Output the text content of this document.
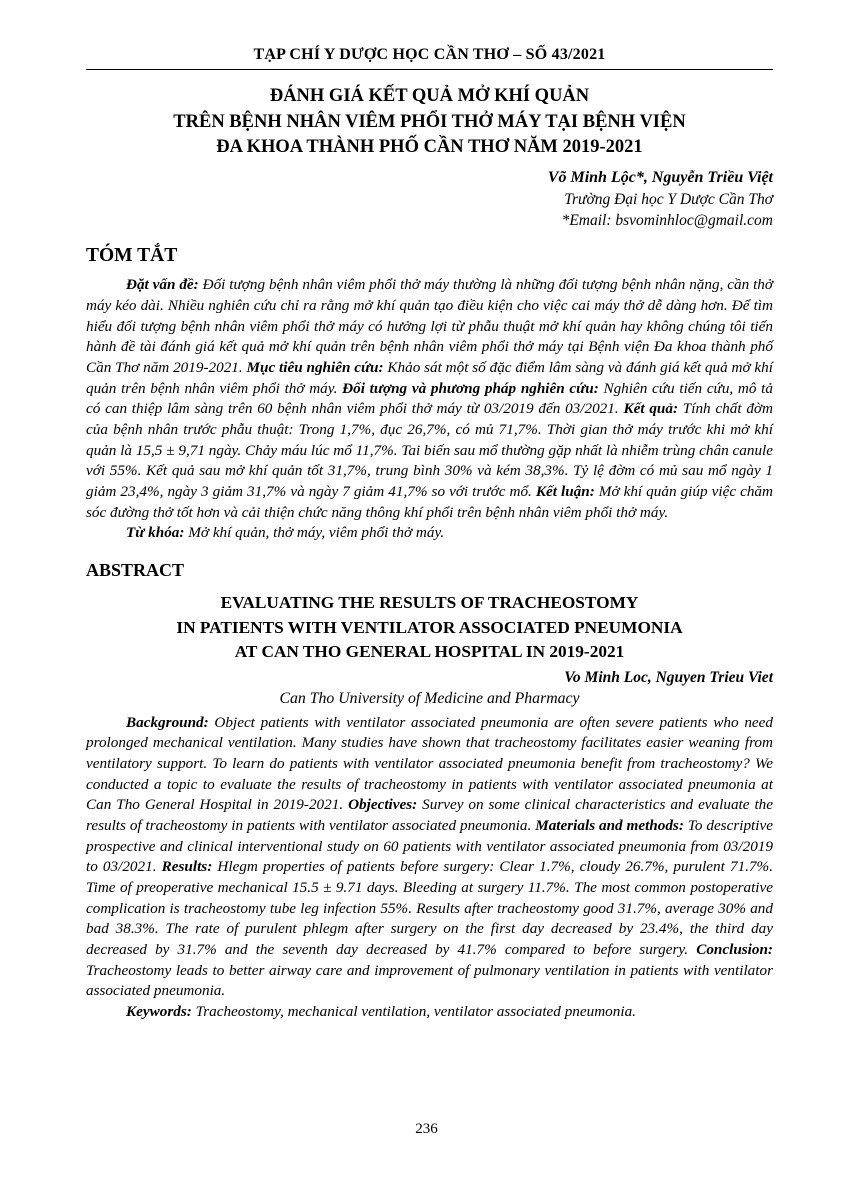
TẠP CHÍ Y DƯỢC HỌC CẦN THƠ – SỐ 43/2021
ĐÁNH GIÁ KẾT QUẢ MỞ KHÍ QUẢN
TRÊN BỆNH NHÂN VIÊM PHỔI THỞ MÁY TẠI BỆNH VIỆN
ĐA KHOA THÀNH PHỐ CẦN THƠ NĂM 2019-2021
Võ Minh Lộc*, Nguyễn Triều Việt
Trường Đại học Y Dược Cần Thơ
*Email: bsvominhloc@gmail.com
TÓM TẮT

Đặt vấn đề: Đối tượng bệnh nhân viêm phổi thở máy thường là những đối tượng bệnh nhân nặng, cần thở máy kéo dài. Nhiều nghiên cứu chỉ ra rằng mở khí quản tạo điều kiện cho việc cai máy thở dễ dàng hơn. Để tìm hiểu đối tượng bệnh nhân viêm phổi thở máy có hưởng lợi từ phẫu thuật mở khí quản hay không chúng tôi tiến hành đề tài đánh giá kết quả mở khí quản trên bệnh nhân viêm phổi thở máy tại Bệnh viện Đa khoa thành phố Cần Thơ năm 2019-2021. Mục tiêu nghiên cứu: Khảo sát một số đặc điểm lâm sàng và đánh giá kết quả mở khí quản trên bệnh nhân viêm phổi thở máy. Đối tượng và phương pháp nghiên cứu: Nghiên cứu tiến cứu, mô tả có can thiệp lâm sàng trên 60 bệnh nhân viêm phổi thở máy từ 03/2019 đến 03/2021. Kết quả: Tính chất đờm của bệnh nhân trước phẫu thuật: Trong 1,7%, đục 26,7%, có mủ 71,7%. Thời gian thở máy trước khi mở khí quản là 15,5 ± 9,71 ngày. Chảy máu lúc mổ 11,7%. Tai biến sau mổ thường gặp nhất là nhiễm trùng chân canule với 55%. Kết quả sau mở khí quản tốt 31,7%, trung bình 30% và kém 38,3%. Tỷ lệ đờm có mủ sau mổ ngày 1 giảm 23,4%, ngày 3 giảm 31,7% và ngày 7 giảm 41,7% so với trước mổ. Kết luận: Mở khí quản giúp việc chăm sóc đường thở tốt hơn và cải thiện chức năng thông khí phổi trên bệnh nhân viêm phổi thở máy.

Từ khóa: Mở khí quản, thở máy, viêm phổi thở máy.

ABSTRACT
EVALUATING THE RESULTS OF TRACHEOSTOMY
IN PATIENTS WITH VENTILATOR ASSOCIATED PNEUMONIA
AT CAN THO GENERAL HOSPITAL IN 2019-2021
Vo Minh Loc, Nguyen Trieu Viet
Can Tho University of Medicine and Pharmacy

Background: Object patients with ventilator associated pneumonia are often severe patients who need prolonged mechanical ventilation. Many studies have shown that tracheostomy facilitates easier weaning from ventilatory support. To learn do patients with ventilator associated pneumonia benefit from tracheostomy? We conducted a topic to evaluate the results of tracheostomy in patients with ventilator associated pneumonia at Can Tho General Hospital in 2019-2021. Objectives: Survey on some clinical characteristics and evaluate the results of tracheostomy in patients with ventilator associated pneumonia. Materials and methods: To descriptive prospective and clinical interventional study on 60 patients with ventilator associated pneumonia from 03/2019 to 03/2021. Results: Hlegm properties of patients before surgery: Clear 1.7%, cloudy 26.7%, purulent 71.7%. Time of preoperative mechanical 15.5 ± 9.71 days. Bleeding at surgery 11.7%. The most common postoperative complication is tracheostomy tube leg infection 55%. Results after tracheostomy good 31.7%, average 30% and bad 38.3%. The rate of purulent phlegm after surgery on the first day decreased by 23.4%, the third day decreased by 31.7% and the seventh day decreased by 41.7% compared to before surgery. Conclusion: Tracheostomy leads to better airway care and improvement of pulmonary ventilation in patients with ventilator associated pneumonia.

Keywords: Tracheostomy, mechanical ventilation, ventilator associated pneumonia.

236
